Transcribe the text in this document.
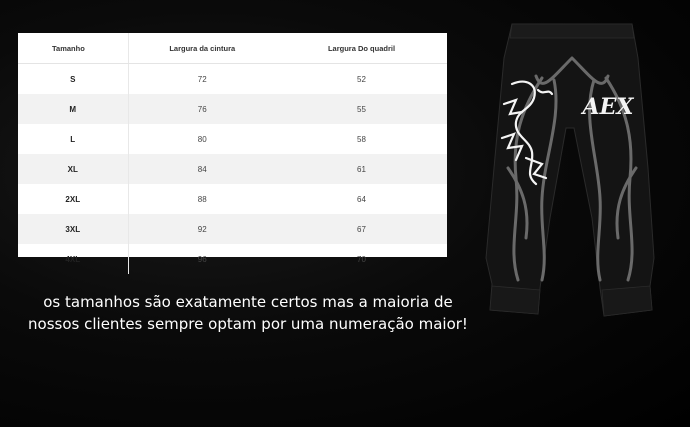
Tamanho	Largura da cintura	Largura Do quadril
S	72	52
M	76	55
L	80	58
XL	84	61
2XL	88	64
3XL	92	67
4XL	96	70
os tamanhos são exatamente certos mas a maioria de
nossos clientes sempre optam por uma numeração maior!
AEX
